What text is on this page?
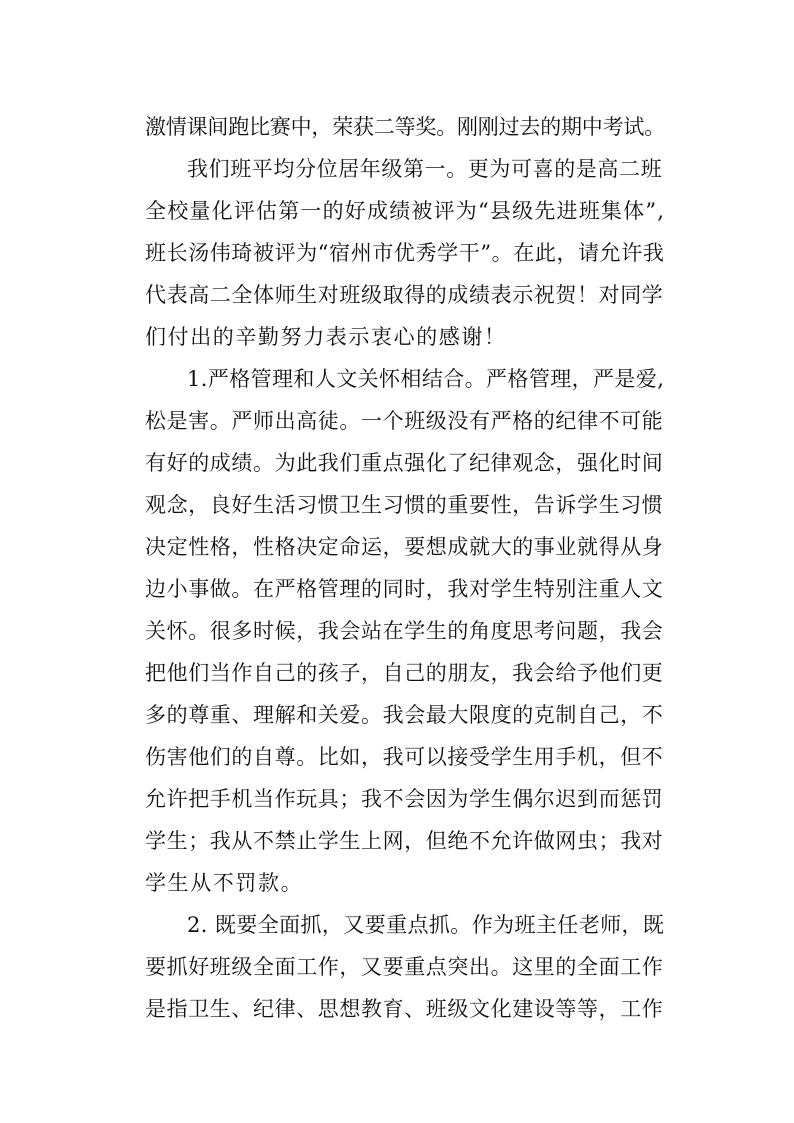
激情课间跑比赛中，荣获二等奖。刚刚过去的期中考试。
我们班平均分位居年级第一。更为可喜的是高二班
全校量化评估第一的好成绩被评为“县级先进班集体”,
班长汤伟琦被评为“宿州市优秀学干”。在此，请允许我
代表高二全体师生对班级取得的成绩表示祝贺！对同学
们付出的辛勤努力表示衷心的感谢！
1.严格管理和人文关怀相结合。严格管理，严是爱,
松是害。严师出高徒。一个班级没有严格的纪律不可能
有好的成绩。为此我们重点强化了纪律观念，强化时间
观念，良好生活习惯卫生习惯的重要性，告诉学生习惯
决定性格，性格决定命运，要想成就大的事业就得从身
边小事做。在严格管理的同时，我对学生特别注重人文
关怀。很多时候，我会站在学生的角度思考问题，我会
把他们当作自己的孩子，自己的朋友，我会给予他们更
多的尊重、理解和关爱。我会最大限度的克制自己，不
伤害他们的自尊。比如，我可以接受学生用手机，但不
允许把手机当作玩具；我不会因为学生偶尔迟到而惩罚
学生；我从不禁止学生上网，但绝不允许做网虫；我对
学生从不罚款。
2. 既要全面抓，又要重点抓。作为班主任老师，既
要抓好班级全面工作，又要重点突出。这里的全面工作
是指卫生、纪律、思想教育、班级文化建设等等，工作
